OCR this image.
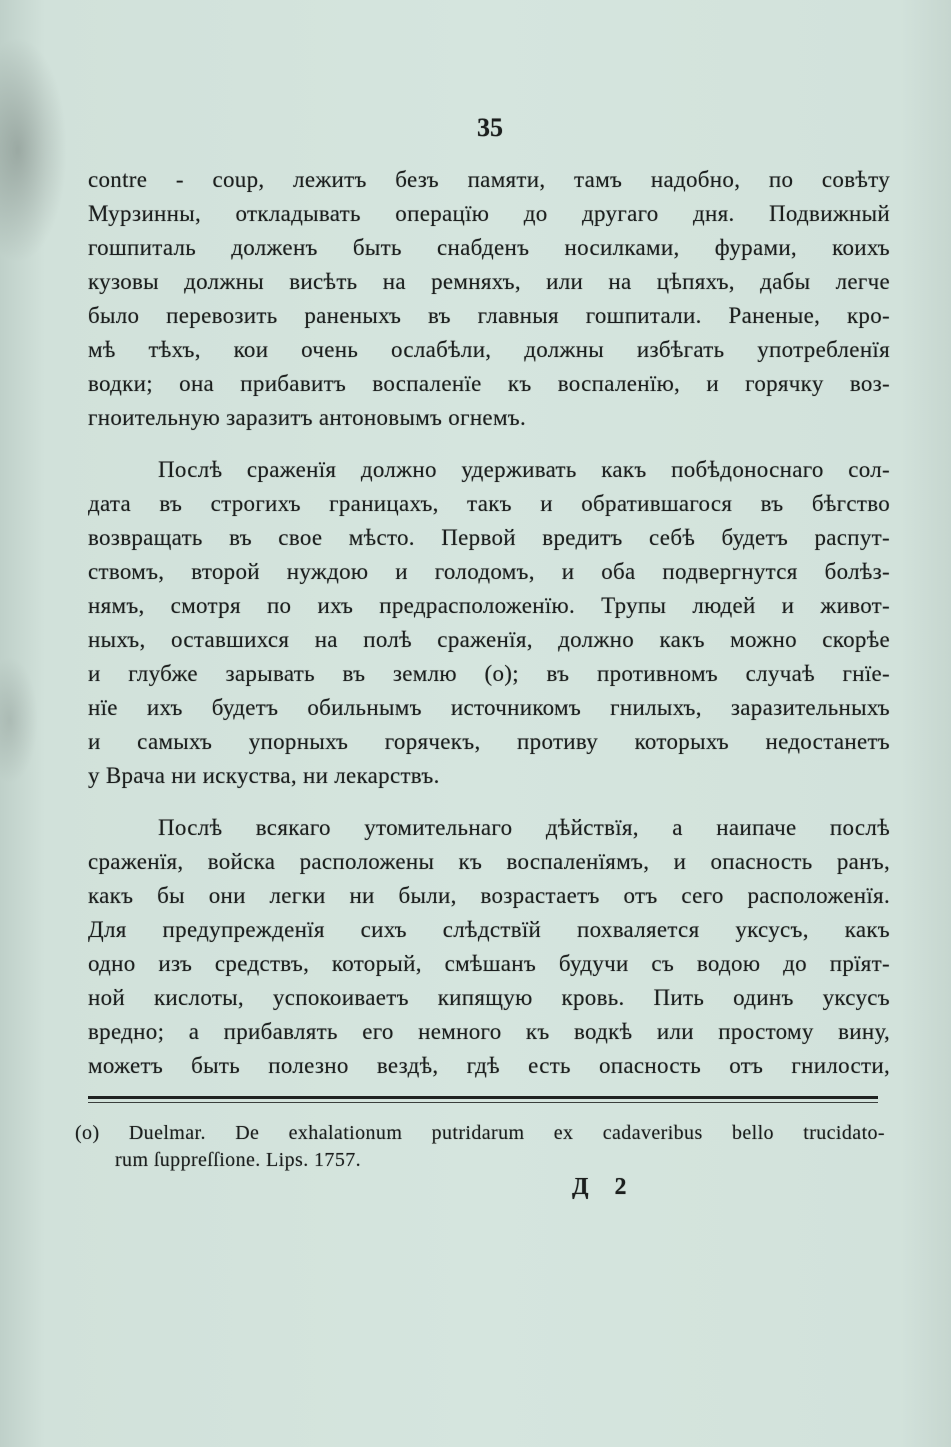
35
contre - coup, лежитъ безъ памяти, тамъ надобно, по совѣту
Мурзинны, откладывать операцїю до другаго дня. Подвижный
гошпиталь долженъ быть снабденъ носилками, фурами, коихъ
кузовы должны висѣть на ремняхъ, или на цѣпяхъ, дабы легче
было перевозить раненыхъ въ главныя гошпитали. Раненые, кро-
мѣ тѣхъ, кои очень ослабѣли, должны избѣгать употребленїя
водки; она прибавитъ воспаленїе къ воспаленїю, и горячку воз-
гноительную заразитъ антоновымъ огнемъ.
Послѣ сраженїя должно удерживать какъ побѣдоноснаго сол-
дата въ строгихъ границахъ, такъ и обратившагося въ бѣгство
возвращать въ свое мѣсто. Первой вредитъ себѣ будетъ распут-
ствомъ, второй нуждою и голодомъ, и оба подвергнутся болѣз-
нямъ, смотря по ихъ предрасположенїю. Трупы людей и живот-
ныхъ, оставшихся на полѣ сраженїя, должно какъ можно скорѣе
и глубже зарывать въ землю (о); въ противномъ случаѣ гнїе-
нїе ихъ будетъ обильнымъ источникомъ гнилыхъ, заразительныхъ
и самыхъ упорныхъ горячекъ, противу которыхъ недостанетъ
у Врача ни искуства, ни лекарствъ.
Послѣ всякаго утомительнаго дѣйствїя, а наипаче послѣ
сраженїя, войска расположены къ воспаленїямъ, и опасность ранъ,
какъ бы они легки ни были, возрастаетъ отъ сего расположенїя.
Для предупрежденїя сихъ слѣдствїй похваляется уксусъ, какъ
одно изъ средствъ, который, смѣшанъ будучи съ водою до прїят-
ной кислоты, успокоиваетъ кипящую кровь. Пить одинъ уксусъ
вредно; а прибавлять его немного къ водкѣ или простому вину,
можетъ быть полезно вездѣ, гдѣ есть опасность отъ гнилости,
(о) Duelmar. De exhalationum putridarum ex cadaveribus bello trucidato-
rum ſuppreſſione. Lips. 1757.
Д 2
